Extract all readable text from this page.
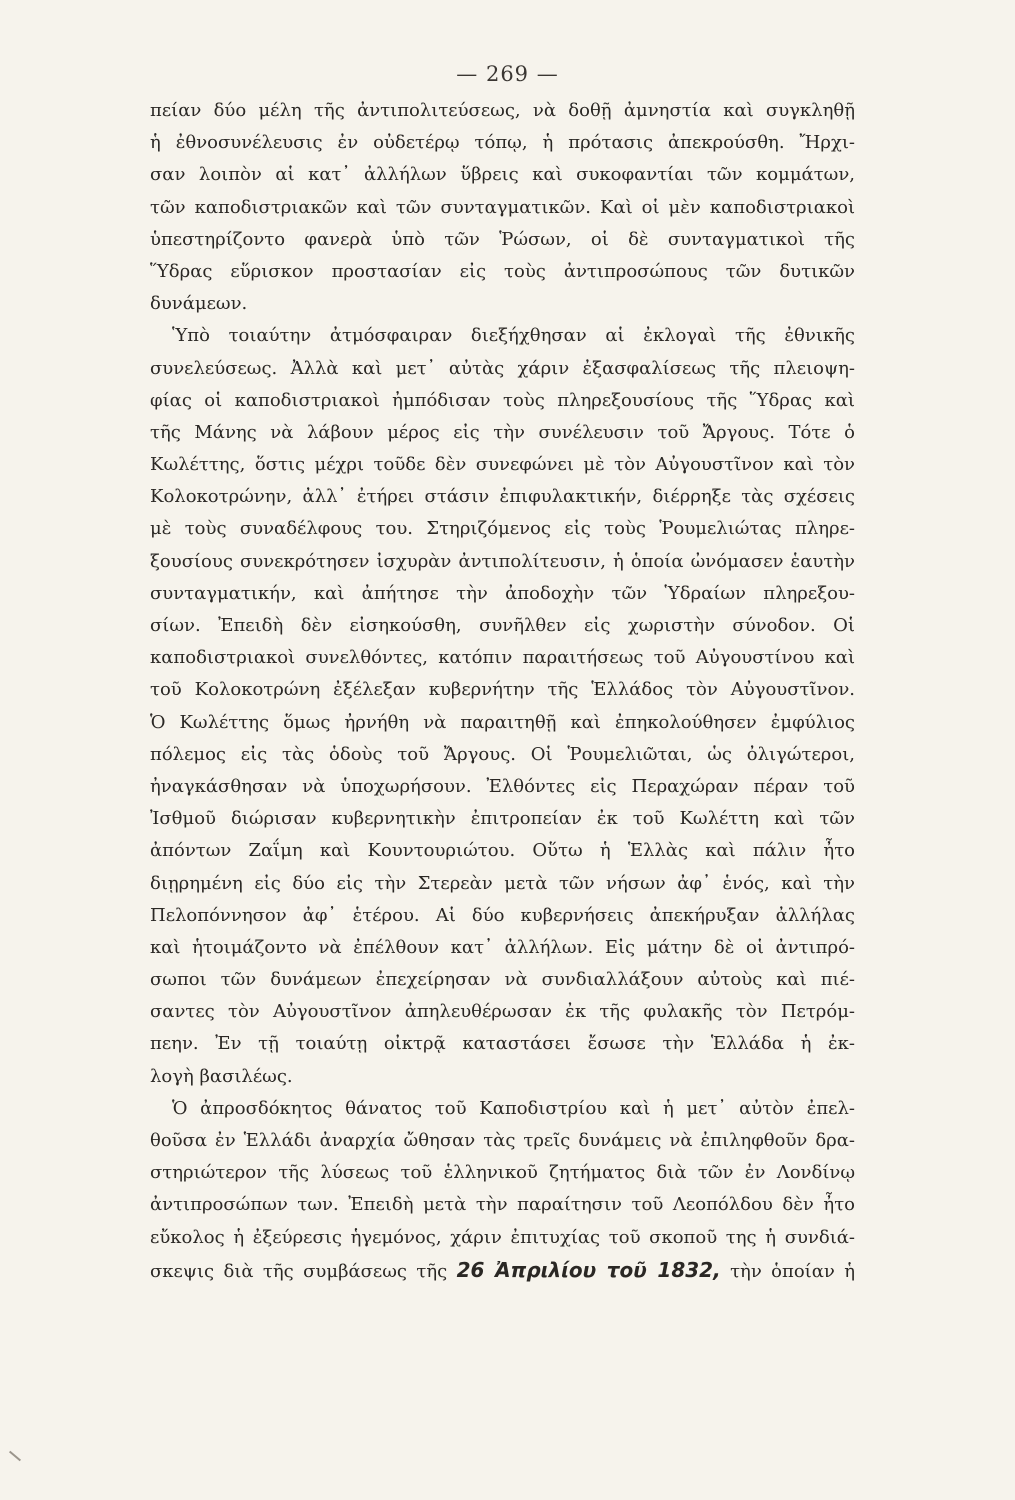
— 269 —
πείαν δύο μέλη τῆς ἀντιπολιτεύσεως, νὰ δοθῇ ἀμνηστία καὶ συγκληθῇ
ἡ ἐθνοσυνέλευσις ἐν οὐδετέρῳ τόπῳ, ἡ πρότασις ἀπεκρούσθη. Ἤρχι-
σαν λοιπὸν αἱ κατ᾿ ἀλλήλων ὕβρεις καὶ συκοφαντίαι τῶν κομμάτων,
τῶν καποδιστριακῶν καὶ τῶν συνταγματικῶν. Καὶ οἱ μὲν καποδιστριακοὶ
ὑπεστηρίζοντο φανερὰ ὑπὸ τῶν Ῥώσων, οἱ δὲ συνταγματικοὶ τῆς
Ὕδρας εὕρισκον προστασίαν εἰς τοὺς ἀντιπροσώπους τῶν δυτικῶν
δυνάμεων.
Ὑπὸ τοιαύτην ἀτμόσφαιραν διεξήχθησαν αἱ ἐκλογαὶ τῆς ἐθνικῆς
συνελεύσεως. Ἀλλὰ καὶ μετ᾿ αὐτὰς χάριν ἐξασφαλίσεως τῆς πλειοψη-
φίας οἱ καποδιστριακοὶ ἠμπόδισαν τοὺς πληρεξουσίους τῆς Ὕδρας καὶ
τῆς Μάνης νὰ λάβουν μέρος εἰς τὴν συνέλευσιν τοῦ Ἄργους. Τότε ὁ
Κωλέττης, ὅστις μέχρι τοῦδε δὲν συνεφώνει μὲ τὸν Αὐγουστῖνον καὶ τὸν
Κολοκοτρώνην, ἀλλ᾿ ἐτήρει στάσιν ἐπιφυλακτικήν, διέρρηξε τὰς σχέσεις
μὲ τοὺς συναδέλφους του. Στηριζόμενος εἰς τοὺς Ῥουμελιώτας πληρε-
ξουσίους συνεκρότησεν ἰσχυρὰν ἀντιπολίτευσιν, ἡ ὁποία ὠνόμασεν ἑαυτὴν
συνταγματικήν, καὶ ἀπήτησε τὴν ἀποδοχὴν τῶν Ὑδραίων πληρεξου-
σίων. Ἐπειδὴ δὲν εἰσηκούσθη, συνῆλθεν εἰς χωριστὴν σύνοδον. Οἱ
καποδιστριακοὶ συνελθόντες, κατόπιν παραιτήσεως τοῦ Αὐγουστίνου καὶ
τοῦ Κολοκοτρώνη ἐξέλεξαν κυβερνήτην τῆς Ἑλλάδος τὸν Αὐγουστῖνον.
Ὁ Κωλέττης ὅμως ἠρνήθη νὰ παραιτηθῇ καὶ ἐπηκολούθησεν ἐμφύλιος
πόλεμος εἰς τὰς ὁδοὺς τοῦ Ἄργους. Οἱ Ῥουμελιῶται, ὡς ὀλιγώτεροι,
ἠναγκάσθησαν νὰ ὑποχωρήσουν. Ἐλθόντες εἰς Περαχώραν πέραν τοῦ
Ἰσθμοῦ διώρισαν κυβερνητικὴν ἐπιτροπείαν ἐκ τοῦ Κωλέττη καὶ τῶν
ἀπόντων Ζαΐμη καὶ Κουντουριώτου. Οὕτω ἡ Ἑλλὰς καὶ πάλιν ἦτο
διῃρημένη εἰς δύο εἰς τὴν Στερεὰν μετὰ τῶν νήσων ἀφ᾿ ἑνός, καὶ τὴν
Πελοπόννησον ἀφ᾿ ἑτέρου. Αἱ δύο κυβερνήσεις ἀπεκήρυξαν ἀλλήλας
καὶ ἡτοιμάζοντο νὰ ἐπέλθουν κατ᾿ ἀλλήλων. Εἰς μάτην δὲ οἱ ἀντιπρό-
σωποι τῶν δυνάμεων ἐπεχείρησαν νὰ συνδιαλλάξουν αὐτοὺς καὶ πιέ-
σαντες τὸν Αὐγουστῖνον ἀπηλευθέρωσαν ἐκ τῆς φυλακῆς τὸν Πετρόμ-
πεην. Ἐν τῇ τοιαύτῃ οἰκτρᾷ καταστάσει ἔσωσε τὴν Ἑλλάδα ἡ ἐκ-
λογὴ βασιλέως.
Ὁ ἀπροσδόκητος θάνατος τοῦ Καποδιστρίου καὶ ἡ μετ᾿ αὐτὸν ἐπελ-
θοῦσα ἐν Ἑλλάδι ἀναρχία ὤθησαν τὰς τρεῖς δυνάμεις νὰ ἐπιληφθοῦν δρα-
στηριώτερον τῆς λύσεως τοῦ ἑλληνικοῦ ζητήματος διὰ τῶν ἐν Λονδίνῳ
ἀντιπροσώπων των. Ἐπειδὴ μετὰ τὴν παραίτησιν τοῦ Λεοπόλδου δὲν ἦτο
εὔκολος ἡ ἐξεύρεσις ἡγεμόνος, χάριν ἐπιτυχίας τοῦ σκοποῦ της ἡ συνδιά-
σκεψις διὰ τῆς συμβάσεως τῆς 26 Ἀπριλίου τοῦ 1832, τὴν ὁποίαν ἡ
